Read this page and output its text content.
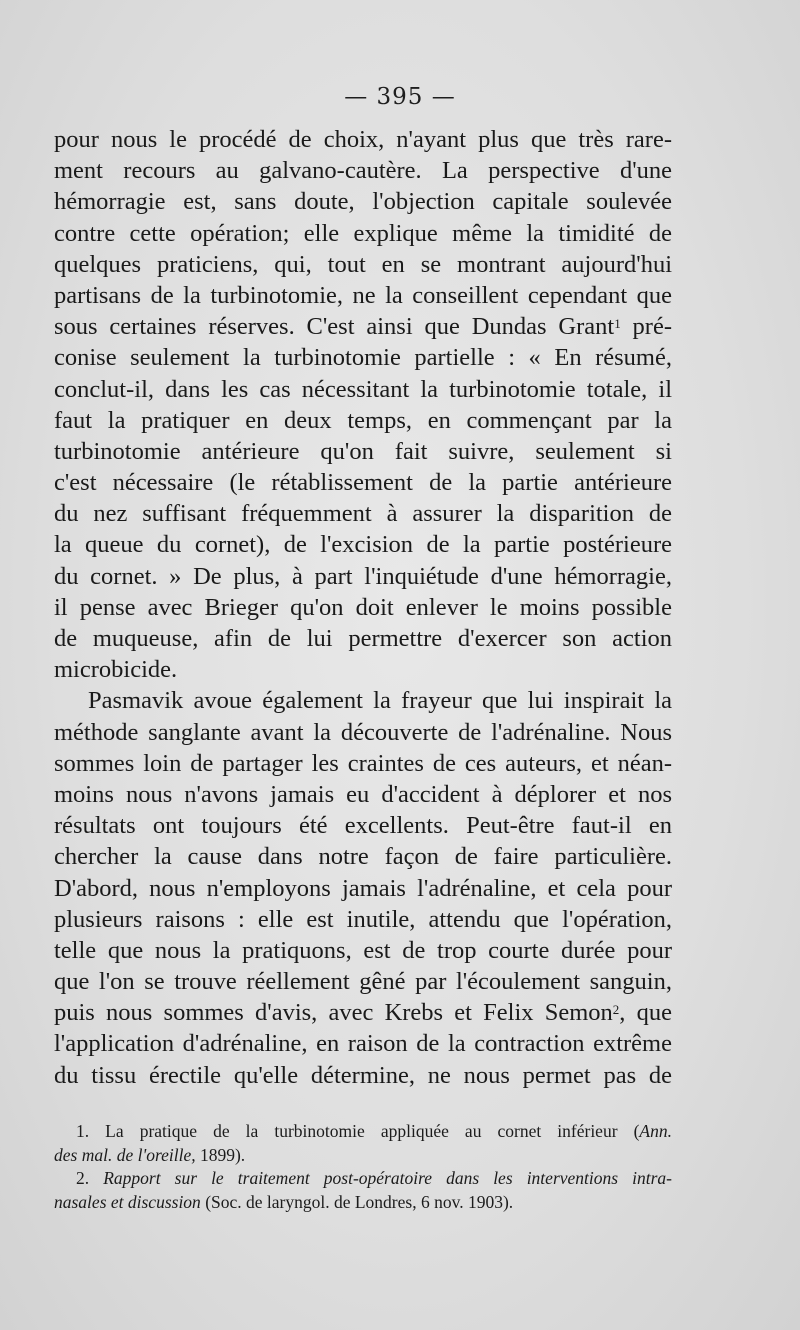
— 395 —
pour nous le procédé de choix, n'ayant plus que très rare-
ment recours au galvano-cautère. La perspective d'une
hémorragie est, sans doute, l'objection capitale soulevée
contre cette opération; elle explique même la timidité de
quelques praticiens, qui, tout en se montrant aujourd'hui
partisans de la turbinotomie, ne la conseillent cependant que
sous certaines réserves. C'est ainsi que Dundas Grant$^1$ pré-
conise seulement la turbinotomie partielle : « En résumé,
conclut-il, dans les cas nécessitant la turbinotomie totale, il
faut la pratiquer en deux temps, en commençant par la
turbinotomie antérieure qu'on fait suivre, seulement si
c'est nécessaire (le rétablissement de la partie antérieure
du nez suffisant fréquemment à assurer la disparition de
la queue du cornet), de l'excision de la partie postérieure
du cornet. » De plus, à part l'inquiétude d'une hémorragie,
il pense avec Brieger qu'on doit enlever le moins possible
de muqueuse, afin de lui permettre d'exercer son action
microbicide.
Pasmavik avoue également la frayeur que lui inspirait la
méthode sanglante avant la découverte de l'adrénaline. Nous
sommes loin de partager les craintes de ces auteurs, et néan-
moins nous n'avons jamais eu d'accident à déplorer et nos
résultats ont toujours été excellents. Peut-être faut-il en
chercher la cause dans notre façon de faire particulière.
D'abord, nous n'employons jamais l'adrénaline, et cela pour
plusieurs raisons : elle est inutile, attendu que l'opération,
telle que nous la pratiquons, est de trop courte durée pour
que l'on se trouve réellement gêné par l'écoulement sanguin,
puis nous sommes d'avis, avec Krebs et Felix Semon$^2$, que
l'application d'adrénaline, en raison de la contraction extrême
du tissu érectile qu'elle détermine, ne nous permet pas de
1. La pratique de la turbinotomie appliquée au cornet inférieur (Ann.
des mal. de l'oreille, 1899).
2. Rapport sur le traitement post-opératoire dans les interventions intra-
nasales et discussion (Soc. de laryngol. de Londres, 6 nov. 1903).
